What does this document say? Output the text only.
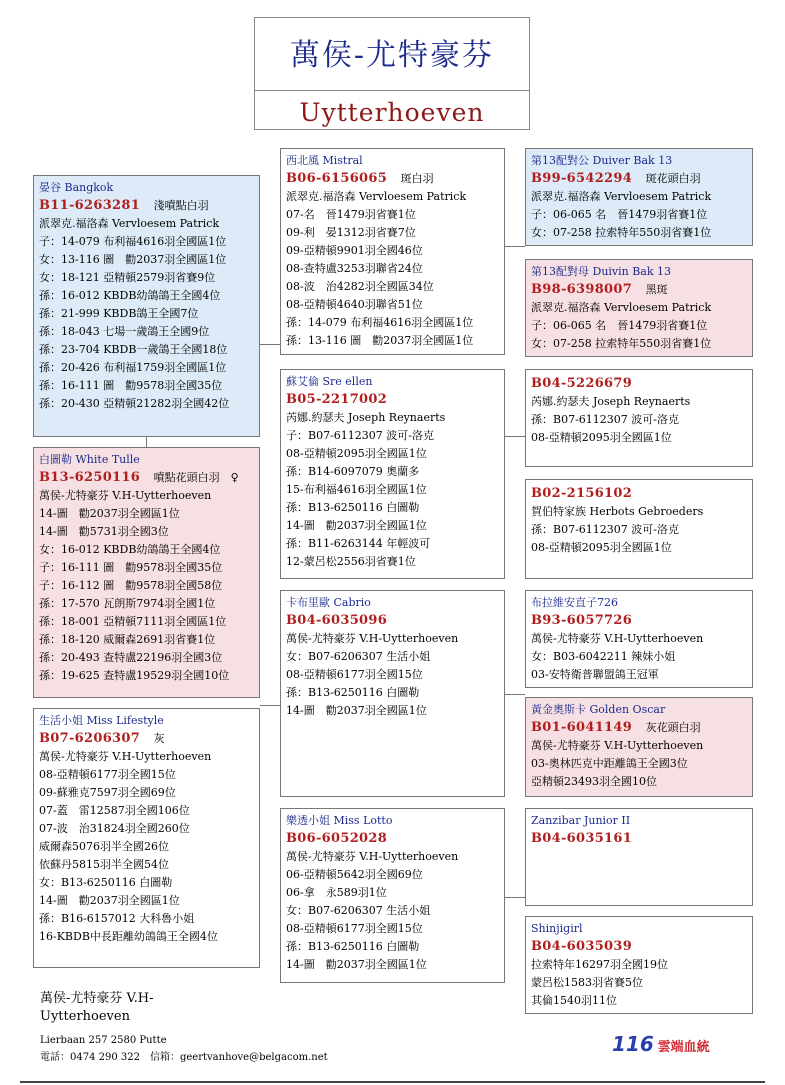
萬侯-尤特豪芬
Uytterhoeven
晏谷 Bangkok
B11-6263281 淺噴點白羽
派翠克.福洛森 Vervloesem Patrick
子：14-079 布利福4616羽全國區1位
女：13-116 圖　勸2037羽全國區1位
女：18-121 亞精頓2579羽省賽9位
孫：16-012 KBDB幼鴿鴿王全國4位
孫：21-999 KBDB鴿王全國7位
孫：18-043 七場一歲鴿王全國9位
孫：23-704 KBDB一歲鴿王全國18位
孫：20-426 布利福1759羽全國區1位
孫：16-111 圖　勸9578羽全國35位
孫：20-430 亞精頓21282羽全國42位
白圖勒 White Tulle
B13-6250116 噴點花頭白羽　♀
萬侯-尤特豪芬 V.H-Uytterhoeven
14-圖　勸2037羽全國區1位
14-圖　勸5731羽全國3位
女：16-012 KBDB幼鴿鴿王全國4位
子：16-111 圖　勸9578羽全國35位
子：16-112 圖　勸9578羽全國58位
孫：17-570 瓦朗斯7974羽全國1位
孫：18-001 亞精頓7111羽全國區1位
孫：18-120 威爾森2691羽省賽1位
孫：20-493 查特盧22196羽全國3位
孫：19-625 查特盧19529羽全國10位
生活小姐 Miss Lifestyle
B07-6206307 灰
萬侯-尤特豪芬 V.H-Uytterhoeven
08-亞精頓6177羽全國15位
09-蘇雅克7597羽全國69位
07-蓋　雷12587羽全國106位
07-波　治31824羽全國260位
威爾森5076羽半全國26位
依蘇丹5815羽半全國54位
女：B13-6250116 白圖勒
14-圖　勸2037羽全國區1位
孫：B16-6157012 大科魯小姐
16-KBDB中長距離幼鴿鴿王全國4位
西北風 Mistral
B06-6156065 斑白羽
派翠克.福洛森 Vervloesem Patrick
07-名　晉1479羽省賽1位
09-利　晏1312羽省賽7位
09-亞精頓9901羽全國46位
08-查特盧3253羽聯省24位
08-波　治4282羽全國區34位
08-亞精頓4640羽聯省51位
孫：14-079 布利福4616羽全國區1位
孫：13-116 圖　勸2037羽全國區1位
蘇艾倫 Sre ellen
B05-2217002
芮娜.約瑟夫 Joseph Reynaerts
子：B07-6112307 波可-洛克
08-亞精頓2095羽全國區1位
孫：B14-6097079 奧蘭多
15-布利福4616羽全國區1位
孫：B13-6250116 白圖勒
14-圖　勸2037羽全國區1位
孫：B11-6263144 年輕波可
12-蒙呂松2556羽省賽1位
卡布里歐 Cabrio
B04-6035096
萬侯-尤特豪芬 V.H-Uytterhoeven
女：B07-6206307 生活小姐
08-亞精頓6177羽全國15位
孫：B13-6250116 白圖勒
14-圖　勸2037羽全國區1位
樂透小姐 Miss Lotto
B06-6052028
萬侯-尤特豪芬 V.H-Uytterhoeven
06-亞精頓5642羽全國69位
06-拿　永589羽1位
女：B07-6206307 生活小姐
08-亞精頓6177羽全國15位
孫：B13-6250116 白圖勒
14-圖　勸2037羽全國區1位
第13配對公 Duiver Bak 13
B99-6542294 斑花頭白羽
派翠克.福洛森 Vervloesem Patrick
子：06-065 名　晉1479羽省賽1位
女：07-258 拉索特年550羽省賽1位
第13配對母 Duivin Bak 13
B98-6398007 黑斑
派翠克.福洛森 Vervloesem Patrick
子：06-065 名　晉1479羽省賽1位
女：07-258 拉索特年550羽省賽1位
B04-5226679
芮娜.約瑟夫 Joseph Reynaerts
孫：B07-6112307 波可-洛克
08-亞精頓2095羽全國區1位
B02-2156102
賀伯特家族 Herbots Gebroeders
孫：B07-6112307 波可-洛克
08-亞精頓2095羽全國區1位
布拉維安直子726
B93-6057726
萬侯-尤特豪芬 V.H-Uytterhoeven
女：B03-6042211 辣妹小姐
03-安特衛普聯盟鴿王冠軍
黃金奧斯卡 Golden Oscar
B01-6041149 灰花頭白羽
萬侯-尤特豪芬 V.H-Uytterhoeven
03-奧林匹克中距離鴿王全國3位
亞精頓23493羽全國10位
Zanzibar Junior II
B04-6035161
Shinjigirl
B04-6035039
拉索特年16297羽全國19位
蒙呂松1583羽省賽5位
其倫1540羽11位
萬侯-尤特豪芬 V.H-Uytterhoeven
Lierbaan 257 2580 Putte
電話：0474 290 322　信箱：geertvanhove@belgacom.net
116 雲端血統
